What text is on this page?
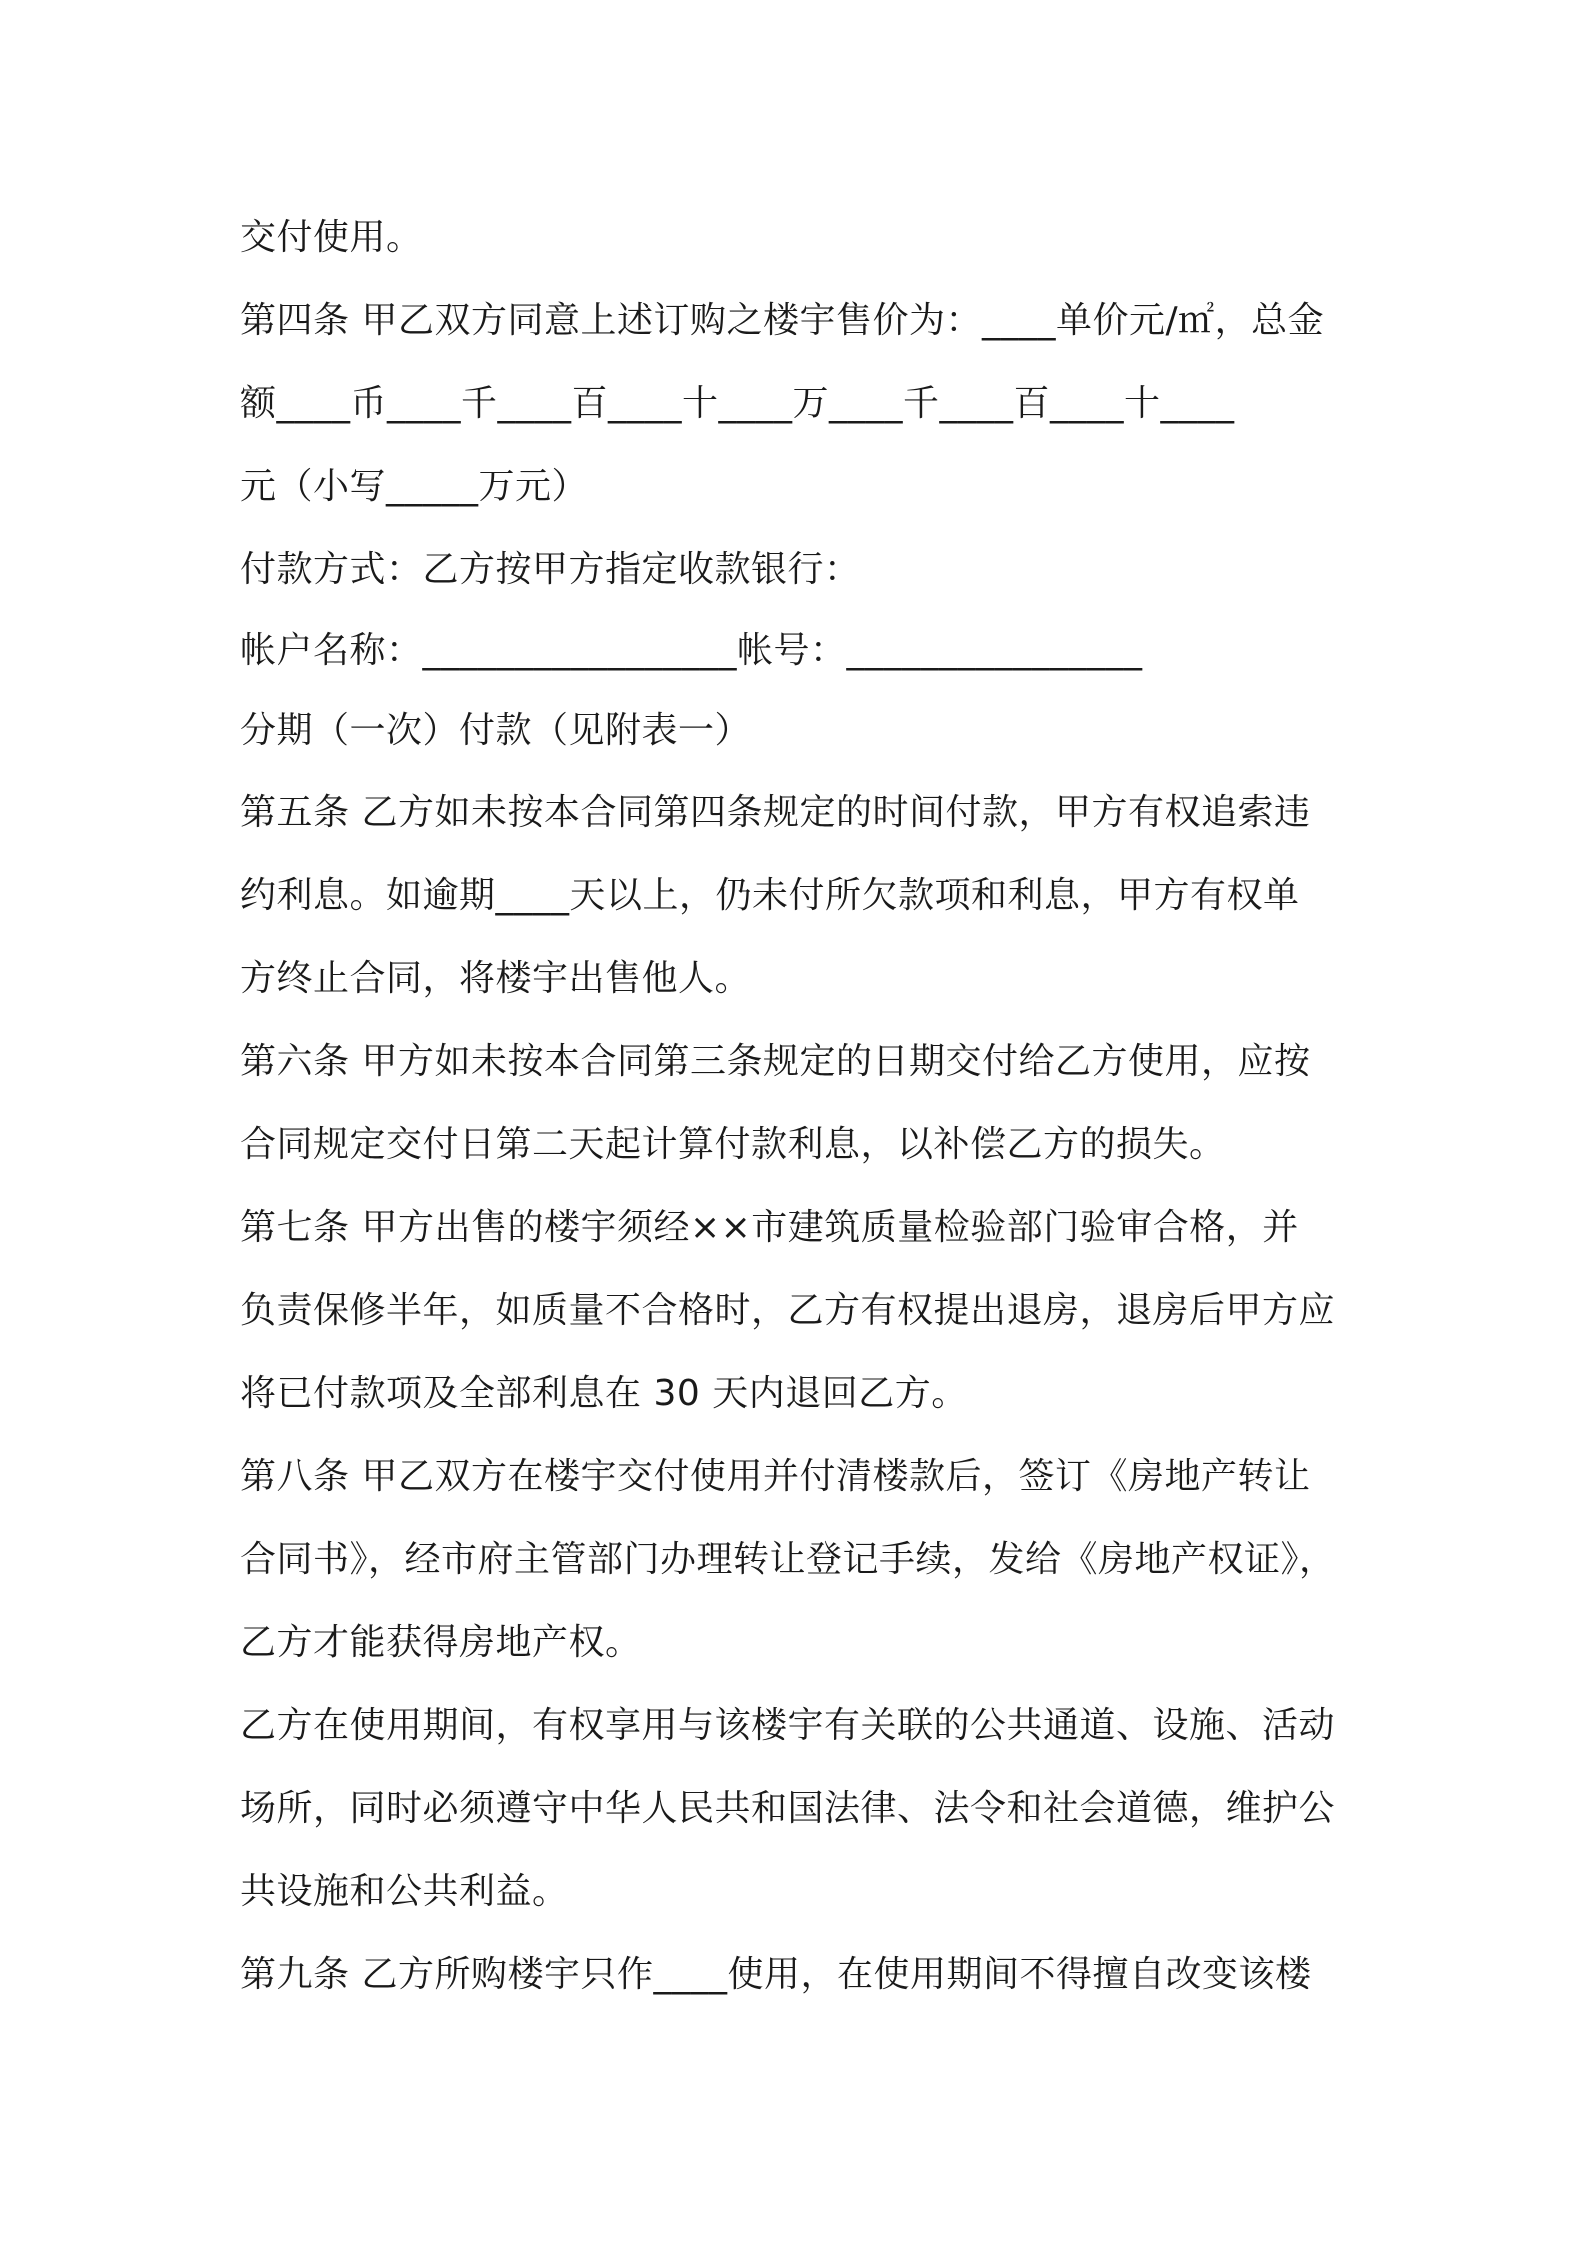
交付使用。
第四条 甲乙双方同意上述订购之楼宇售价为：____单价元/㎡，总金
额____币____千____百____十____万____千____百____十____
元（小写_____万元）
付款方式：乙方按甲方指定收款银行：
帐户名称：_________________帐号：________________
分期（一次）付款（见附表一）
第五条 乙方如未按本合同第四条规定的时间付款，甲方有权追索违
约利息。如逾期____天以上，仍未付所欠款项和利息，甲方有权单
方终止合同，将楼宇出售他人。
第六条 甲方如未按本合同第三条规定的日期交付给乙方使用，应按
合同规定交付日第二天起计算付款利息，以补偿乙方的损失。
第七条 甲方出售的楼宇须经××市建筑质量检验部门验审合格，并
负责保修半年，如质量不合格时，乙方有权提出退房，退房后甲方应
将已付款项及全部利息在 30 天内退回乙方。
第八条 甲乙双方在楼宇交付使用并付清楼款后，签订《房地产转让
合同书》，经市府主管部门办理转让登记手续，发给《房地产权证》，
乙方才能获得房地产权。
乙方在使用期间，有权享用与该楼宇有关联的公共通道、设施、活动
场所，同时必须遵守中华人民共和国法律、法令和社会道德，维护公
共设施和公共利益。
第九条 乙方所购楼宇只作____使用，在使用期间不得擅自改变该楼
